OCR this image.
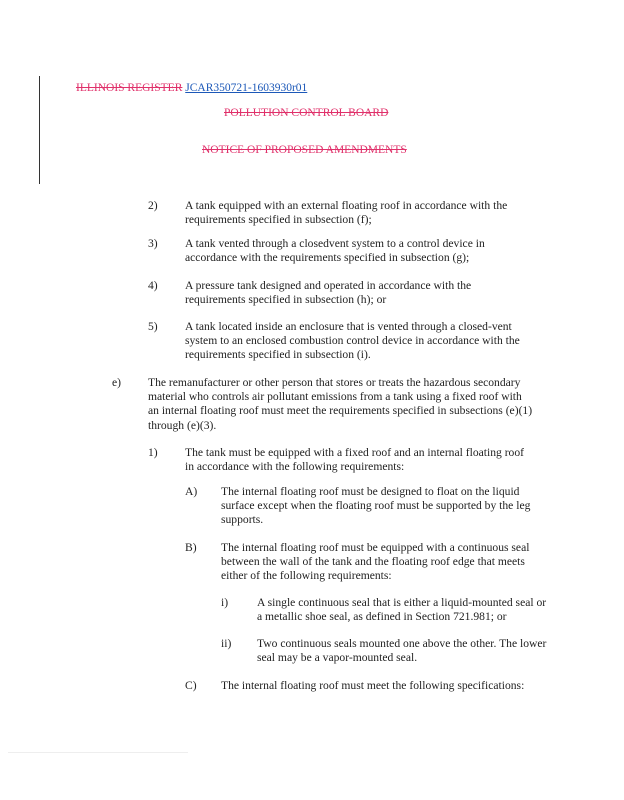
ILLINOIS REGISTER JCAR350721-1603930r01
POLLUTION CONTROL BOARD
NOTICE OF PROPOSED AMENDMENTS
2) A tank equipped with an external floating roof in accordance with the requirements specified in subsection (f);
3) A tank vented through a closedvent system to a control device in accordance with the requirements specified in subsection (g);
4) A pressure tank designed and operated in accordance with the requirements specified in subsection (h); or
5) A tank located inside an enclosure that is vented through a closed-vent system to an enclosed combustion control device in accordance with the requirements specified in subsection (i).
e) The remanufacturer or other person that stores or treats the hazardous secondary material who controls air pollutant emissions from a tank using a fixed roof with an internal floating roof must meet the requirements specified in subsections (e)(1) through (e)(3).
1) The tank must be equipped with a fixed roof and an internal floating roof in accordance with the following requirements:
A) The internal floating roof must be designed to float on the liquid surface except when the floating roof must be supported by the leg supports.
B) The internal floating roof must be equipped with a continuous seal between the wall of the tank and the floating roof edge that meets either of the following requirements:
i) A single continuous seal that is either a liquid-mounted seal or a metallic shoe seal, as defined in Section 721.981; or
ii) Two continuous seals mounted one above the other. The lower seal may be a vapor-mounted seal.
C) The internal floating roof must meet the following specifications:
